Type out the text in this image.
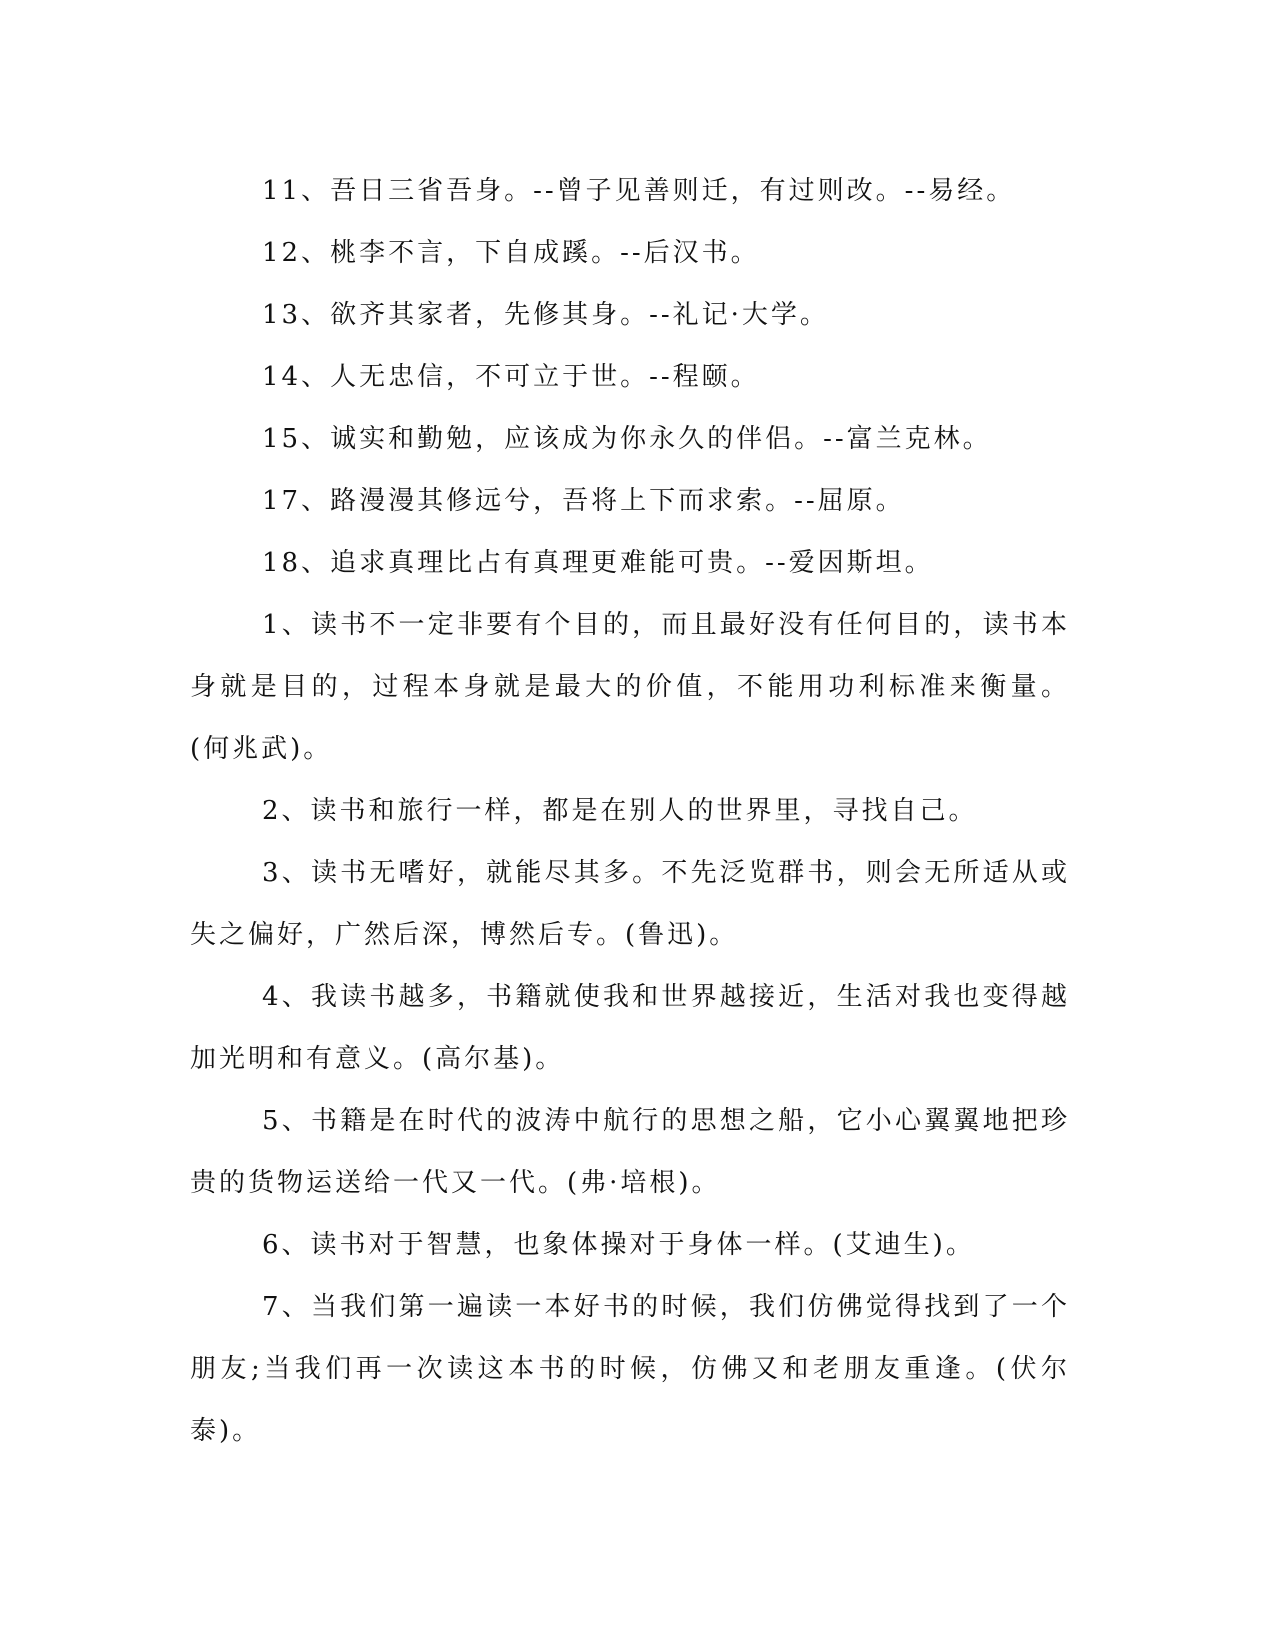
11、吾日三省吾身。--曾子见善则迁，有过则改。--易经。
12、桃李不言，下自成蹊。--后汉书。
13、欲齐其家者，先修其身。--礼记·大学。
14、人无忠信，不可立于世。--程颐。
15、诚实和勤勉，应该成为你永久的伴侣。--富兰克林。
17、路漫漫其修远兮，吾将上下而求索。--屈原。
18、追求真理比占有真理更难能可贵。--爱因斯坦。

1、读书不一定非要有个目的，而且最好没有任何目的，读书本身就是目的，过程本身就是最大的价值，不能用功利标准来衡量。(何兆武)。

2、读书和旅行一样，都是在别人的世界里，寻找自己。

3、读书无嗜好，就能尽其多。不先泛览群书，则会无所适从或失之偏好，广然后深，博然后专。(鲁迅)。

4、我读书越多，书籍就使我和世界越接近，生活对我也变得越加光明和有意义。(高尔基)。

5、书籍是在时代的波涛中航行的思想之船，它小心翼翼地把珍贵的货物运送给一代又一代。(弗·培根)。

6、读书对于智慧，也象体操对于身体一样。(艾迪生)。

7、当我们第一遍读一本好书的时候，我们仿佛觉得找到了一个朋友;当我们再一次读这本书的时候，仿佛又和老朋友重逢。(伏尔泰)。
